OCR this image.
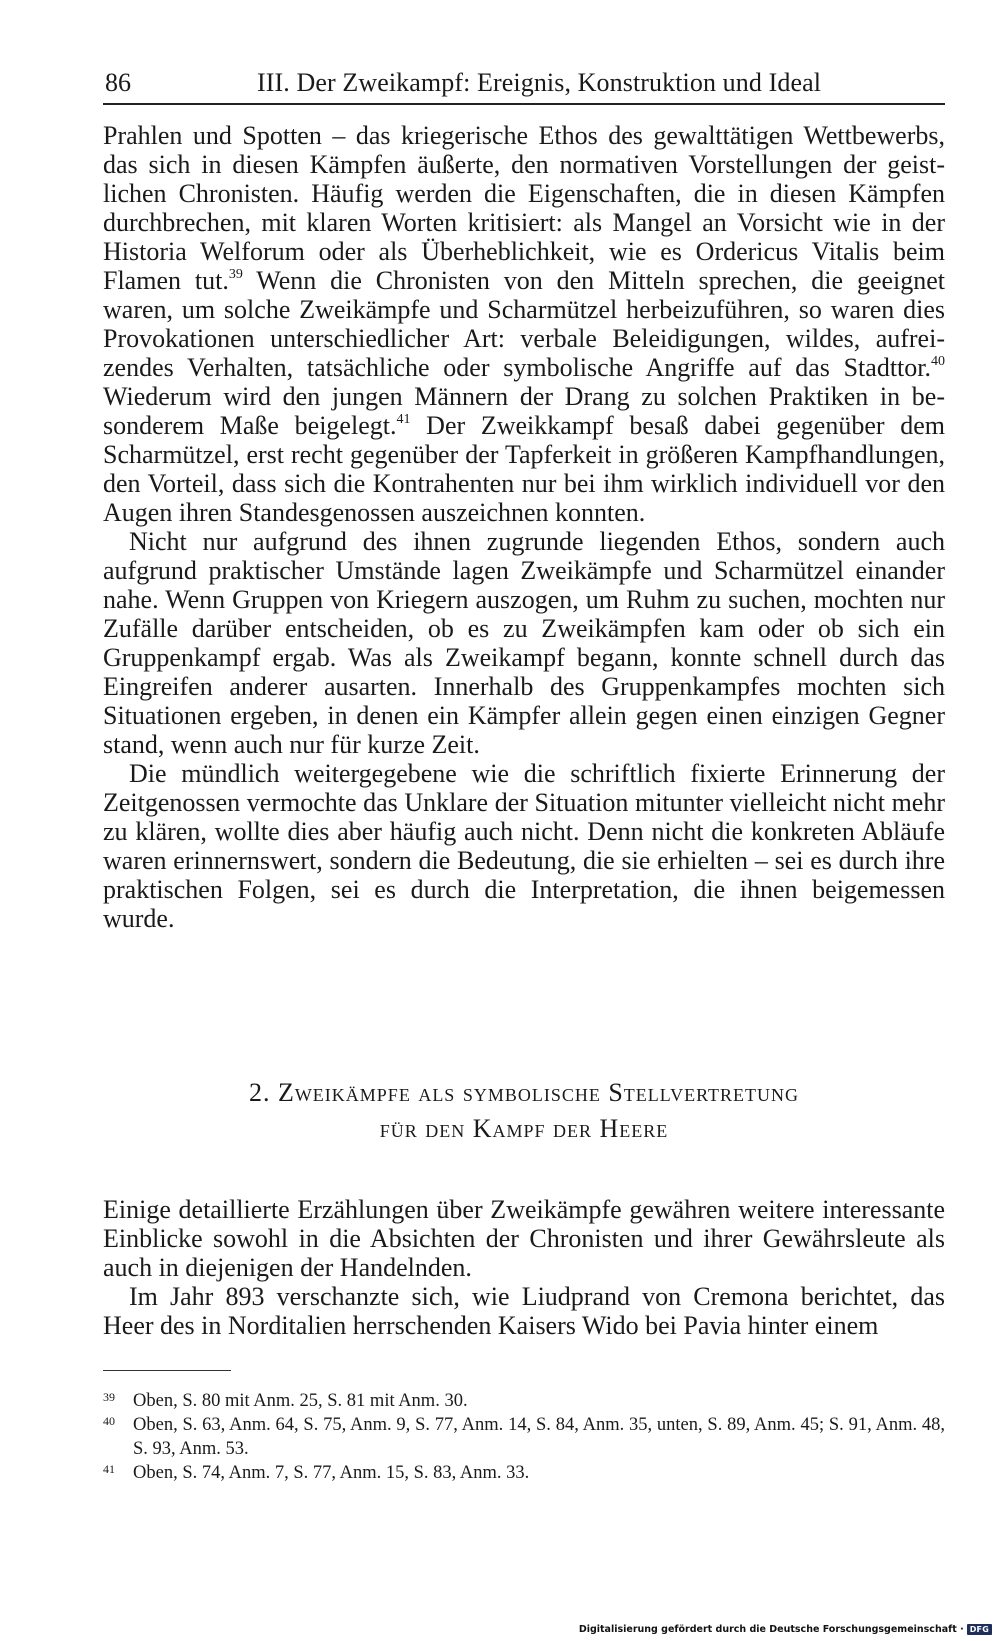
86	III. Der Zweikampf: Ereignis, Konstruktion und Ideal

Prahlen und Spotten – das kriegerische Ethos des gewalttätigen Wettbewerbs, das sich in diesen Kämpfen äußerte, den normativen Vorstellungen der geistlichen Chronisten. Häufig werden die Eigenschaften, die in diesen Kämpfen durchbrechen, mit klaren Worten kritisiert: als Mangel an Vorsicht wie in der Historia Welforum oder als Überheblichkeit, wie es Ordericus Vitalis beim Flamen tut.$^{39}$ Wenn die Chronisten von den Mitteln sprechen, die geeignet waren, um solche Zweikämpfe und Scharmützel herbeizuführen, so waren dies Provokationen unterschiedlicher Art: verbale Beleidigungen, wildes, aufreizendes Verhalten, tatsächliche oder symbolische Angriffe auf das Stadttor.$^{40}$ Wiederum wird den jungen Männern der Drang zu solchen Praktiken in besonderem Maße beigelegt.$^{41}$ Der Zweikkampf besaß dabei gegenüber dem Scharmützel, erst recht gegenüber der Tapferkeit in größeren Kampfhandlungen, den Vorteil, dass sich die Kontrahenten nur bei ihm wirklich individuell vor den Augen ihren Standesgenossen auszeichnen konnten.

Nicht nur aufgrund des ihnen zugrunde liegenden Ethos, sondern auch aufgrund praktischer Umstände lagen Zweikämpfe und Scharmützel einander nahe. Wenn Gruppen von Kriegern auszogen, um Ruhm zu suchen, mochten nur Zufälle darüber entscheiden, ob es zu Zweikämpfen kam oder ob sich ein Gruppenkampf ergab. Was als Zweikampf begann, konnte schnell durch das Eingreifen anderer ausarten. Innerhalb des Gruppenkampfes mochten sich Situationen ergeben, in denen ein Kämpfer allein gegen einen einzigen Gegner stand, wenn auch nur für kurze Zeit.

Die mündlich weitergegebene wie die schriftlich fixierte Erinnerung der Zeitgenossen vermochte das Unklare der Situation mitunter vielleicht nicht mehr zu klären, wollte dies aber häufig auch nicht. Denn nicht die konkreten Abläufe waren erinnernswert, sondern die Bedeutung, die sie erhielten – sei es durch ihre praktischen Folgen, sei es durch die Interpretation, die ihnen beigemessen wurde.

2. Zweikämpfe als symbolische Stellvertretung
für den Kampf der Heere

Einige detaillierte Erzählungen über Zweikämpfe gewähren weitere interessante Einblicke sowohl in die Absichten der Chronisten und ihrer Gewährsleute als auch in diejenigen der Handelnden.

Im Jahr 893 verschanzte sich, wie Liudprand von Cremona berichtet, das Heer des in Norditalien herrschenden Kaisers Wido bei Pavia hinter einem

39 Oben, S. 80 mit Anm. 25, S. 81 mit Anm. 30.
40 Oben, S. 63, Anm. 64, S. 75, Anm. 9, S. 77, Anm. 14, S. 84, Anm. 35, unten, S. 89, Anm. 45; S. 91, Anm. 48, S. 93, Anm. 53.
41 Oben, S. 74, Anm. 7, S. 77, Anm. 15, S. 83, Anm. 33.
Digitalisierung gefördert durch die Deutsche Forschungsgemeinschaft · DFG
